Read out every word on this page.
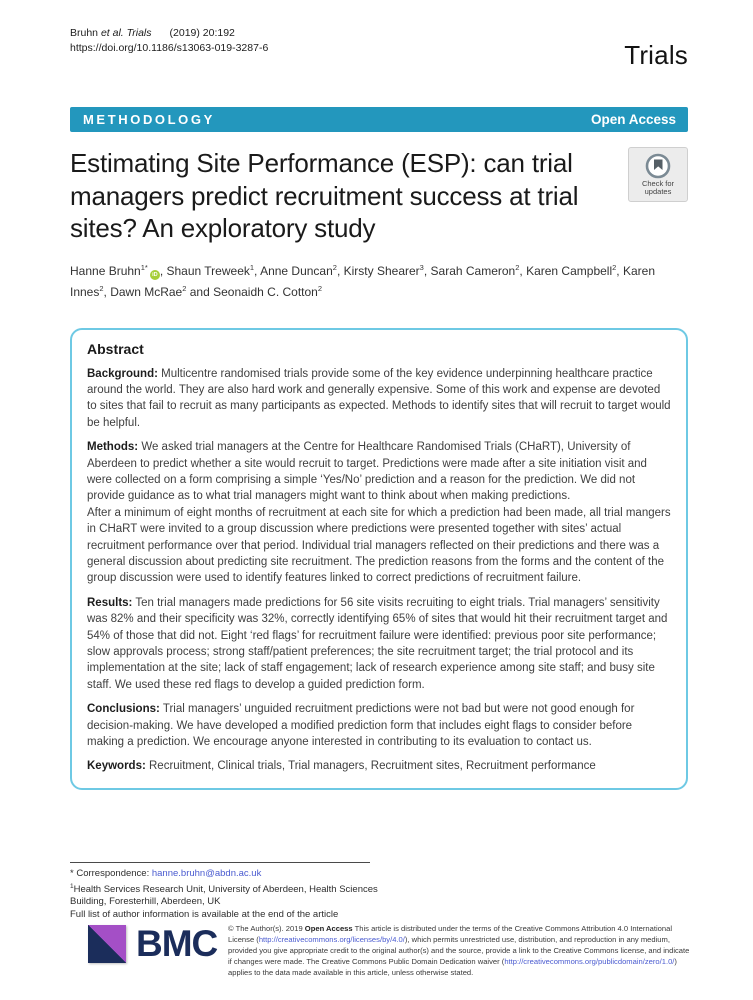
Bruhn et al. Trials (2019) 20:192
https://doi.org/10.1186/s13063-019-3287-6	Trials
METHODOLOGY	Open Access
Estimating Site Performance (ESP): can trial managers predict recruitment success at trial sites? An exploratory study
Check for
updates
Hanne Bruhn$^{1*}$iD , Shaun Treweek$^1$, Anne Duncan$^2$, Kirsty Shearer$^3$, Sarah Cameron$^2$, Karen Campbell$^2$, Karen Innes$^2$, Dawn McRae$^2$ and Seonaidh C. Cotton$^2$
Abstract

Background: Multicentre randomised trials provide some of the key evidence underpinning healthcare practice around the world. They are also hard work and generally expensive. Some of this work and expense are devoted to sites that fail to recruit as many participants as expected. Methods to identify sites that will recruit to target would be helpful.

Methods: We asked trial managers at the Centre for Healthcare Randomised Trials (CHaRT), University of Aberdeen to predict whether a site would recruit to target. Predictions were made after a site initiation visit and were collected on a form comprising a simple ‘Yes/No’ prediction and a reason for the prediction. We did not provide guidance as to what trial managers might want to think about when making predictions.

After a minimum of eight months of recruitment at each site for which a prediction had been made, all trial mangers in CHaRT were invited to a group discussion where predictions were presented together with sites’ actual recruitment performance over that period. Individual trial managers reflected on their predictions and there was a general discussion about predicting site recruitment. The prediction reasons from the forms and the content of the group discussion were used to identify features linked to correct predictions of recruitment failure.

Results: Ten trial managers made predictions for 56 site visits recruiting to eight trials. Trial managers’ sensitivity was 82% and their specificity was 32%, correctly identifying 65% of sites that would hit their recruitment target and 54% of those that did not. Eight ‘red flags’ for recruitment failure were identified: previous poor site performance; slow approvals process; strong staff/patient preferences; the site recruitment target; the trial protocol and its implementation at the site; lack of staff engagement; lack of research experience among site staff; and busy site staff. We used these red flags to develop a guided prediction form.

Conclusions: Trial managers’ unguided recruitment predictions were not bad but were not good enough for decision-making. We have developed a modified prediction form that includes eight flags to consider before making a prediction. We encourage anyone interested in contributing to its evaluation to contact us.

Keywords: Recruitment, Clinical trials, Trial managers, Recruitment sites, Recruitment performance

* Correspondence: hanne.bruhn@abdn.ac.uk
$^1$Health Services Research Unit, University of Aberdeen, Health Sciences Building, Foresterhill, Aberdeen, UK
Full list of author information is available at the end of the article
BMC © The Author(s). 2019 Open Access This article is distributed under the terms of the Creative Commons Attribution 4.0 International License (http://creativecommons.org/licenses/by/4.0/), which permits unrestricted use, distribution, and reproduction in any medium, provided you give appropriate credit to the original author(s) and the source, provide a link to the Creative Commons license, and indicate if changes were made. The Creative Commons Public Domain Dedication waiver (http://creativecommons.org/publicdomain/zero/1.0/) applies to the data made available in this article, unless otherwise stated.
